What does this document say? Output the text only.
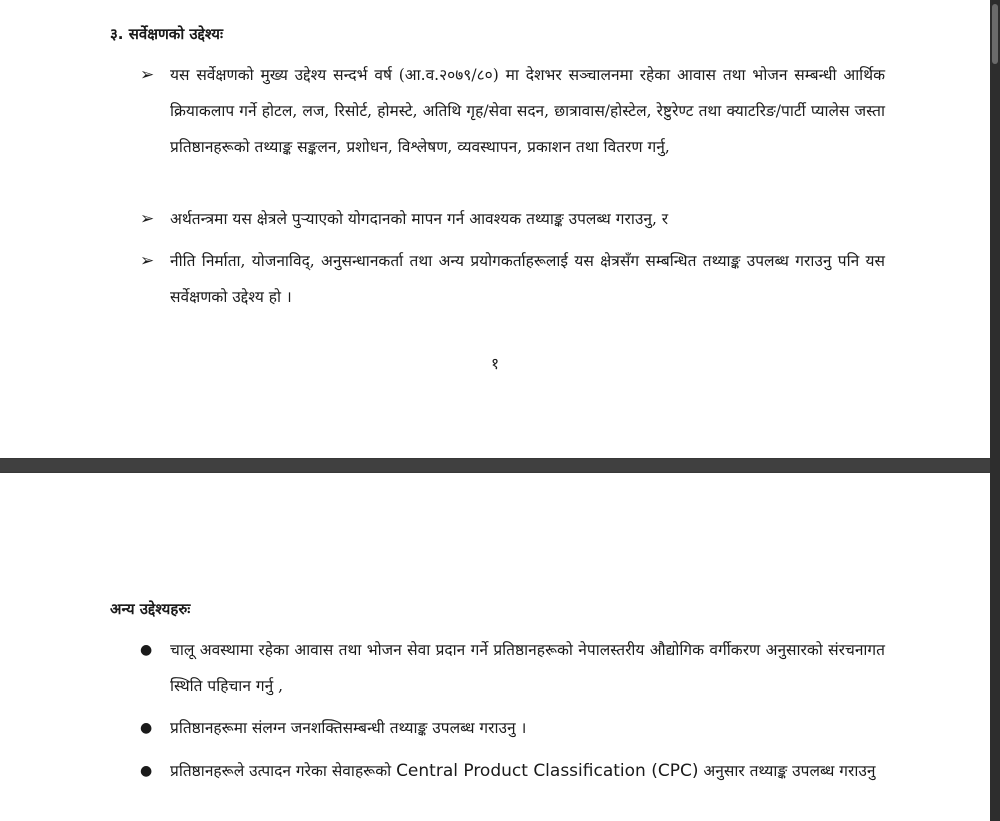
३. सर्वेक्षणको उद्देश्यः
➢	यस सर्वेक्षणको मुख्य उद्देश्य सन्दर्भ वर्ष (आ.व.२०७९/८०) मा देशभर सञ्चालनमा रहेका आवास तथा भोजन सम्बन्धी आर्थिक क्रियाकलाप गर्ने होटल, लज, रिसोर्ट, होमस्टे, अतिथि गृह/सेवा सदन, छात्रावास/होस्टेल, रेष्टुरेण्ट तथा क्याटरिङ/पार्टी प्यालेस जस्ता प्रतिष्ठानहरूको तथ्याङ्क सङ्कलन, प्रशोधन, विश्लेषण, व्यवस्थापन, प्रकाशन तथा वितरण गर्नु,
➢	अर्थतन्त्रमा यस क्षेत्रले पुऱ्याएको योगदानको मापन गर्न आवश्यक तथ्याङ्क उपलब्ध गराउनु, र
➢	नीति निर्माता, योजनाविद्, अनुसन्धानकर्ता तथा अन्य प्रयोगकर्ताहरूलाई यस क्षेत्रसँग सम्बन्धित तथ्याङ्क उपलब्ध गराउनु पनि यस सर्वेक्षणको उद्देश्य हो ।
१
अन्य उद्देश्यहरुः
●	चालू अवस्थामा रहेका आवास तथा भोजन सेवा प्रदान गर्ने प्रतिष्ठानहरूको नेपालस्तरीय औद्योगिक वर्गीकरण अनुसारको संरचनागत स्थिति पहिचान गर्नु ,
●	प्रतिष्ठानहरूमा संलग्न जनशक्तिसम्बन्धी तथ्याङ्क उपलब्ध गराउनु ।
●	प्रतिष्ठानहरूले उत्पादन गरेका सेवाहरूको Central Product Classification (CPC) अनुसार तथ्याङ्क उपलब्ध गराउनु
